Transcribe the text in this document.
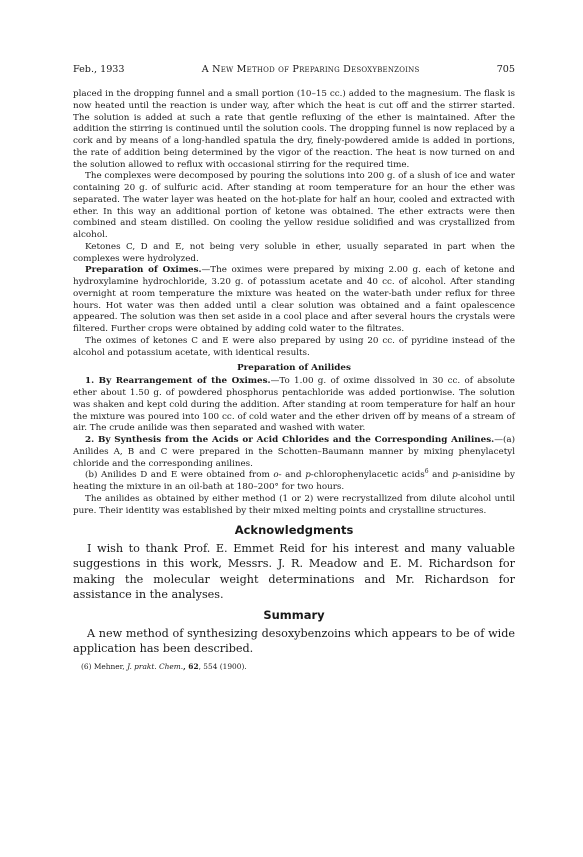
Feb., 1933	A New Method of Preparing Desoxybenzoins	705

placed in the dropping funnel and a small portion (10–15 cc.) added to the magnesium. The flask is now heated until the reaction is under way, after which the heat is cut off and the stirrer started. The solution is added at such a rate that gentle refluxing of the ether is maintained. After the addition the stirring is continued until the solution cools. The dropping funnel is now replaced by a cork and by means of a long-handled spatula the dry, finely-powdered amide is added in portions, the rate of addition being determined by the vigor of the reaction. The heat is now turned on and the solution allowed to reflux with occasional stirring for the required time.

The complexes were decomposed by pouring the solutions into 200 g. of a slush of ice and water containing 20 g. of sulfuric acid. After standing at room temperature for an hour the ether was separated. The water layer was heated on the hot-plate for half an hour, cooled and extracted with ether. In this way an additional portion of ketone was obtained. The ether extracts were then combined and steam distilled. On cooling the yellow residue solidified and was crystallized from alcohol.

Ketones C, D and E, not being very soluble in ether, usually separated in part when the complexes were hydrolyzed.

Preparation of Oximes.—The oximes were prepared by mixing 2.00 g. each of ketone and hydroxylamine hydrochloride, 3.20 g. of potassium acetate and 40 cc. of alcohol. After standing overnight at room temperature the mixture was heated on the water-bath under reflux for three hours. Hot water was then added until a clear solution was obtained and a faint opalescence appeared. The solution was then set aside in a cool place and after several hours the crystals were filtered. Further crops were obtained by adding cold water to the filtrates.

The oximes of ketones C and E were also prepared by using 20 cc. of pyridine instead of the alcohol and potassium acetate, with identical results.

Preparation of Anilides

1. By Rearrangement of the Oximes.—To 1.00 g. of oxime dissolved in 30 cc. of absolute ether about 1.50 g. of powdered phosphorus pentachloride was added portionwise. The solution was shaken and kept cold during the addition. After standing at room temperature for half an hour the mixture was poured into 100 cc. of cold water and the ether driven off by means of a stream of air. The crude anilide was then separated and washed with water.

2. By Synthesis from the Acids or Acid Chlorides and the Corresponding Anilines.—(a) Anilides A, B and C were prepared in the Schotten–Baumann manner by mixing phenylacetyl chloride and the corresponding anilines.

(b) Anilides D and E were obtained from o- and p-chlorophenylacetic acids$^6$ and p-anisidine by heating the mixture in an oil-bath at 180–200° for two hours.

The anilides as obtained by either method (1 or 2) were recrystallized from dilute alcohol until pure. Their identity was established by their mixed melting points and crystalline structures.

Acknowledgments

I wish to thank Prof. E. Emmet Reid for his interest and many valuable suggestions in this work, Messrs. J. R. Meadow and E. M. Richardson for making the molecular weight determinations and Mr. Richardson for assistance in the analyses.

Summary

A new method of synthesizing desoxybenzoins which appears to be of wide application has been described.

(6) Mehner, J. prakt. Chem., 62, 554 (1900).
